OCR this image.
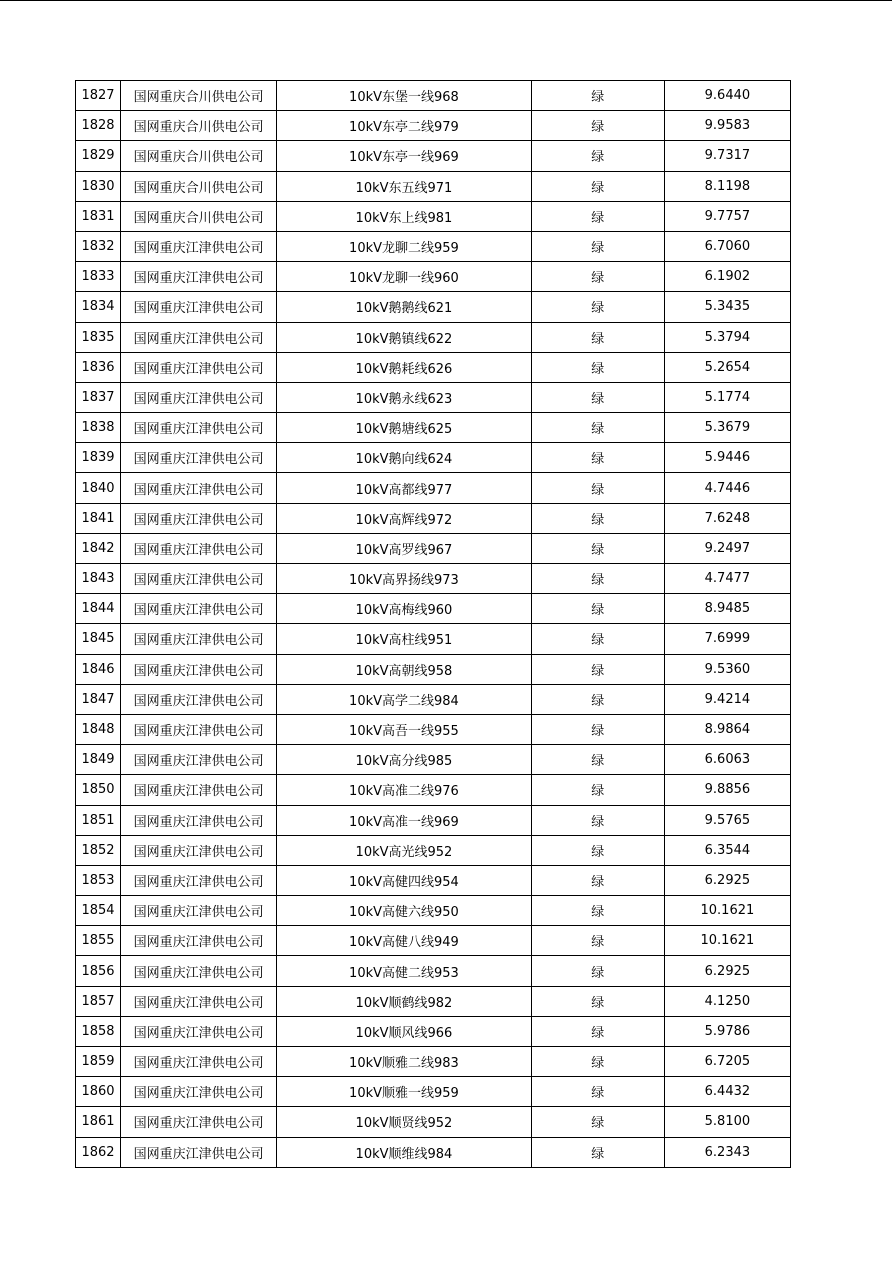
1827	国网重庆合川供电公司	10kV东堡一线968	绿	9.6440
1828	国网重庆合川供电公司	10kV东亭二线979	绿	9.9583
1829	国网重庆合川供电公司	10kV东亭一线969	绿	9.7317
1830	国网重庆合川供电公司	10kV东五线971	绿	8.1198
1831	国网重庆合川供电公司	10kV东上线981	绿	9.7757
1832	国网重庆江津供电公司	10kV龙聊二线959	绿	6.7060
1833	国网重庆江津供电公司	10kV龙聊一线960	绿	6.1902
1834	国网重庆江津供电公司	10kV鹅鹅线621	绿	5.3435
1835	国网重庆江津供电公司	10kV鹅镇线622	绿	5.3794
1836	国网重庆江津供电公司	10kV鹅耗线626	绿	5.2654
1837	国网重庆江津供电公司	10kV鹅永线623	绿	5.1774
1838	国网重庆江津供电公司	10kV鹅塘线625	绿	5.3679
1839	国网重庆江津供电公司	10kV鹅向线624	绿	5.9446
1840	国网重庆江津供电公司	10kV高都线977	绿	4.7446
1841	国网重庆江津供电公司	10kV高辉线972	绿	7.6248
1842	国网重庆江津供电公司	10kV高罗线967	绿	9.2497
1843	国网重庆江津供电公司	10kV高界扬线973	绿	4.7477
1844	国网重庆江津供电公司	10kV高梅线960	绿	8.9485
1845	国网重庆江津供电公司	10kV高柱线951	绿	7.6999
1846	国网重庆江津供电公司	10kV高朝线958	绿	9.5360
1847	国网重庆江津供电公司	10kV高学二线984	绿	9.4214
1848	国网重庆江津供电公司	10kV高吾一线955	绿	8.9864
1849	国网重庆江津供电公司	10kV高分线985	绿	6.6063
1850	国网重庆江津供电公司	10kV高准二线976	绿	9.8856
1851	国网重庆江津供电公司	10kV高准一线969	绿	9.5765
1852	国网重庆江津供电公司	10kV高光线952	绿	6.3544
1853	国网重庆江津供电公司	10kV高健四线954	绿	6.2925
1854	国网重庆江津供电公司	10kV高健六线950	绿	10.1621
1855	国网重庆江津供电公司	10kV高健八线949	绿	10.1621
1856	国网重庆江津供电公司	10kV高健二线953	绿	6.2925
1857	国网重庆江津供电公司	10kV顺鹤线982	绿	4.1250
1858	国网重庆江津供电公司	10kV顺风线966	绿	5.9786
1859	国网重庆江津供电公司	10kV顺雅二线983	绿	6.7205
1860	国网重庆江津供电公司	10kV顺雅一线959	绿	6.4432
1861	国网重庆江津供电公司	10kV顺贤线952	绿	5.8100
1862	国网重庆江津供电公司	10kV顺维线984	绿	6.2343
